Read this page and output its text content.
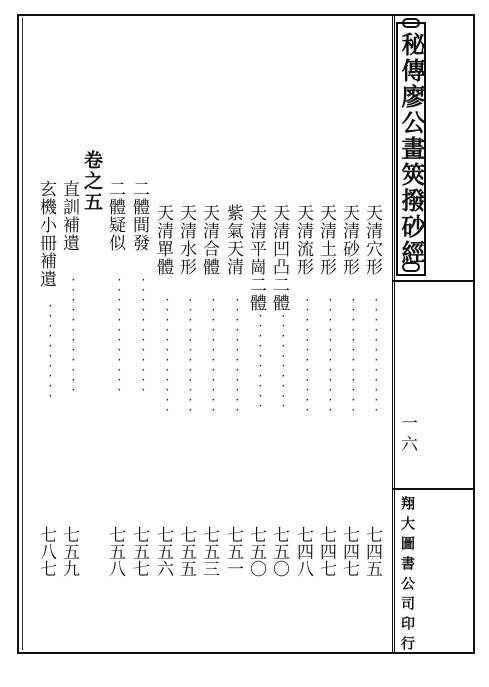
秘傳廖公畫筴撥砂經
一六
翔大圖書公司印行
天清穴形
．．．．．．．．．．．．
七四五
天清砂形
．．．．．．．．．．．．
七四七
天清土形
．．．．．．．．．．．．
七四七
天清流形
．．．．．．．．．．．．
七四八
天清凹凸二體
．．．．．．．．．．
七五〇
天清平崗二體
．．．．．．．．．．
七五〇
紫氣天清
．．．．．．．．．．．．
七五一
天清合體
．．．．．．．．．．．．
七五三
天清水形
．．．．．．．．．．．．
七五五
天清單體
．．．．．．．．．．．．
七五六
二體間發
．．．．．．．．．．．．
七五七
二體疑似
．．．．．．．．．．．．
七五八
卷之五
直訓補遺
．．．．．．．．．．．．
七五九
玄機小冊補遺
．．．．．．．．．．
七八七
